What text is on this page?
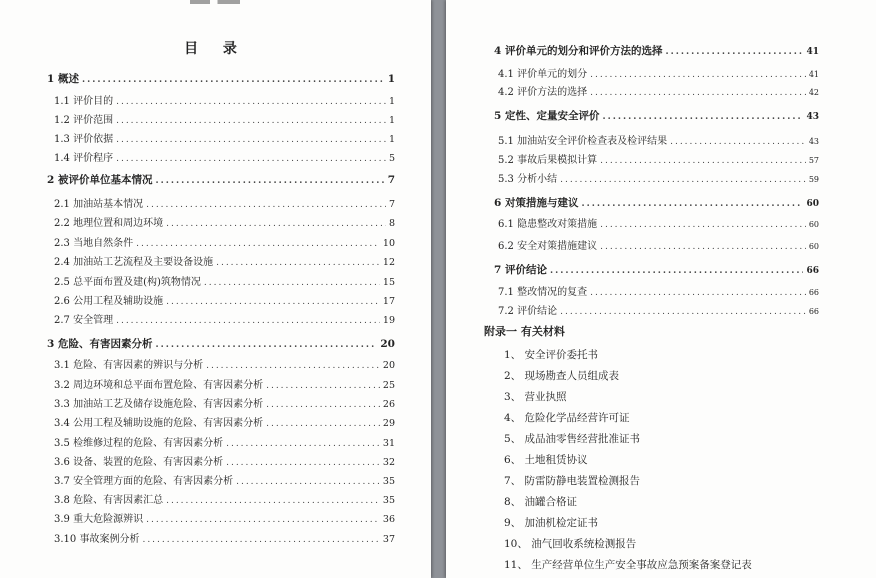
目 录
1 概述 .....	1
1.1 评价目的 .....	1
1.2 评价范围 .....	1
1.3 评价依据 .....	1
1.4 评价程序 .....	5
2 被评价单位基本情况 .....	7
2.1 加油站基本情况 .....	7
2.2 地理位置和周边环境 .....	8
2.3 当地自然条件 .....	10
2.4 加油站工艺流程及主要设备设施 .....	12
2.5 总平面布置及建(构)筑物情况 .....	15
2.6 公用工程及辅助设施 .....	17
2.7 安全管理 .....	19
3 危险、有害因素分析 .....	20
3.1 危险、有害因素的辨识与分析 .....	20
3.2 周边环境和总平面布置危险、有害因素分析 .....	25
3.3 加油站工艺及储存设施危险、有害因素分析 .....	26
3.4 公用工程及辅助设施的危险、有害因素分析 .....	29
3.5 检维修过程的危险、有害因素分析 .....	31
3.6 设备、装置的危险、有害因素分析 .....	32
3.7 安全管理方面的危险、有害因素分析 .....	35
3.8 危险、有害因素汇总 .....	35
3.9 重大危险源辨识 .....	36
3.10 事故案例分析 .....	37
4 评价单元的划分和评价方法的选择 .....	41
4.1 评价单元的划分 .....	41
4.2 评价方法的选择 .....	42
5 定性、定量安全评价 .....	43
5.1 加油站安全评价检查表及检评结果 .....	43
5.2 事故后果模拟计算 .....	57
5.3 分析小结 .....	59
6 对策措施与建议 .....	60
6.1 隐患整改对策措施 .....	60
6.2 安全对策措施建议 .....	60
7 评价结论 .....	66
7.1 整改情况的复查 .....	66
7.2 评价结论 .....	66
附录一 有关材料
1、 安全评价委托书
2、 现场勘查人员组成表
3、 营业执照
4、 危险化学品经营许可证
5、 成品油零售经营批准证书
6、 土地租赁协议
7、 防雷防静电装置检测报告
8、 油罐合格证
9、 加油机检定证书
10、 油气回收系统检测报告
11、 生产经营单位生产安全事故应急预案备案登记表
